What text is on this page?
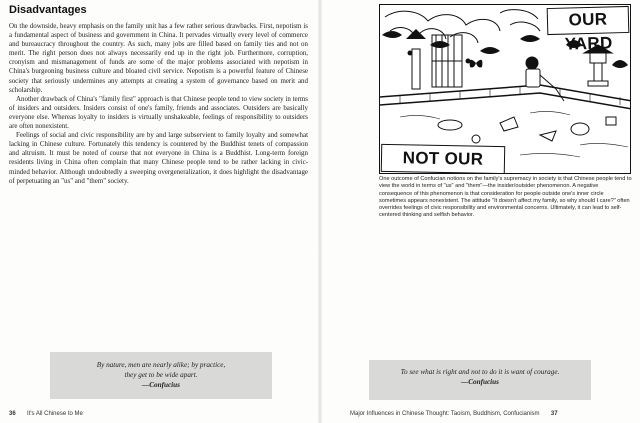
Disadvantages

On the downside, heavy emphasis on the family unit has a few rather serious drawbacks. First, nepotism is a fundamental aspect of business and government in China. It pervades virtually every level of commerce and bureaucracy throughout the country. As such, many jobs are filled based on family ties and not on merit. The right person does not always necessarily end up in the right job. Furthermore, corruption, cronyism and mismanagement of funds are some of the major problems associated with nepotism in China's burgeoning business culture and bloated civil service. Nepotism is a powerful feature of Chinese society that seriously undermines any attempts at creating a system of governance based on merit and scholarship.

Another drawback of China's "family first" approach is that Chinese people tend to view society in terms of insiders and outsiders. Insiders consist of one's family, friends and associates. Outsiders are basically everyone else. Whereas loyalty to insiders is virtually unshakeable, feelings of responsibility to outsiders are often nonexistent.

Feelings of social and civic responsibility are by and large subservient to family loyalty and somewhat lacking in Chinese culture. Fortunately this tendency is countered by the Buddhist tenets of compassion and altruism. It must be noted of course that not everyone in China is a Buddhist. Long-term foreign residents living in China often complain that many Chinese people tend to be rather lacking in civic-minded behavior. Although undoubtedly a sweeping overgeneralization, it does highlight the disadvantage of perpetuating an "us" and "them" society.

By nature, men are nearly alike; by practice,
they get to be wide apart.
—Confucius
36 It's All Chinese to Me
OUR YARD
NOT OUR
One outcome of Confucian notions on the family's supremacy in society is that Chinese people tend to view the world in terms of "us" and "them"—the insider/outsider phenomenon. A negative consequence of this phenomenon is that consideration for people outside one's inner circle sometimes appears nonexistent. The attitude "It doesn't affect my family, so why should I care?" often overrides feelings of civic responsibility and environmental concerns. Ultimately, it can lead to self-centered thinking and selfish behavior.
To see what is right and not to do it is want of courage.
—Confucius
Major Influences in Chinese Thought: Taoism, Buddhism, Confucianism 37
